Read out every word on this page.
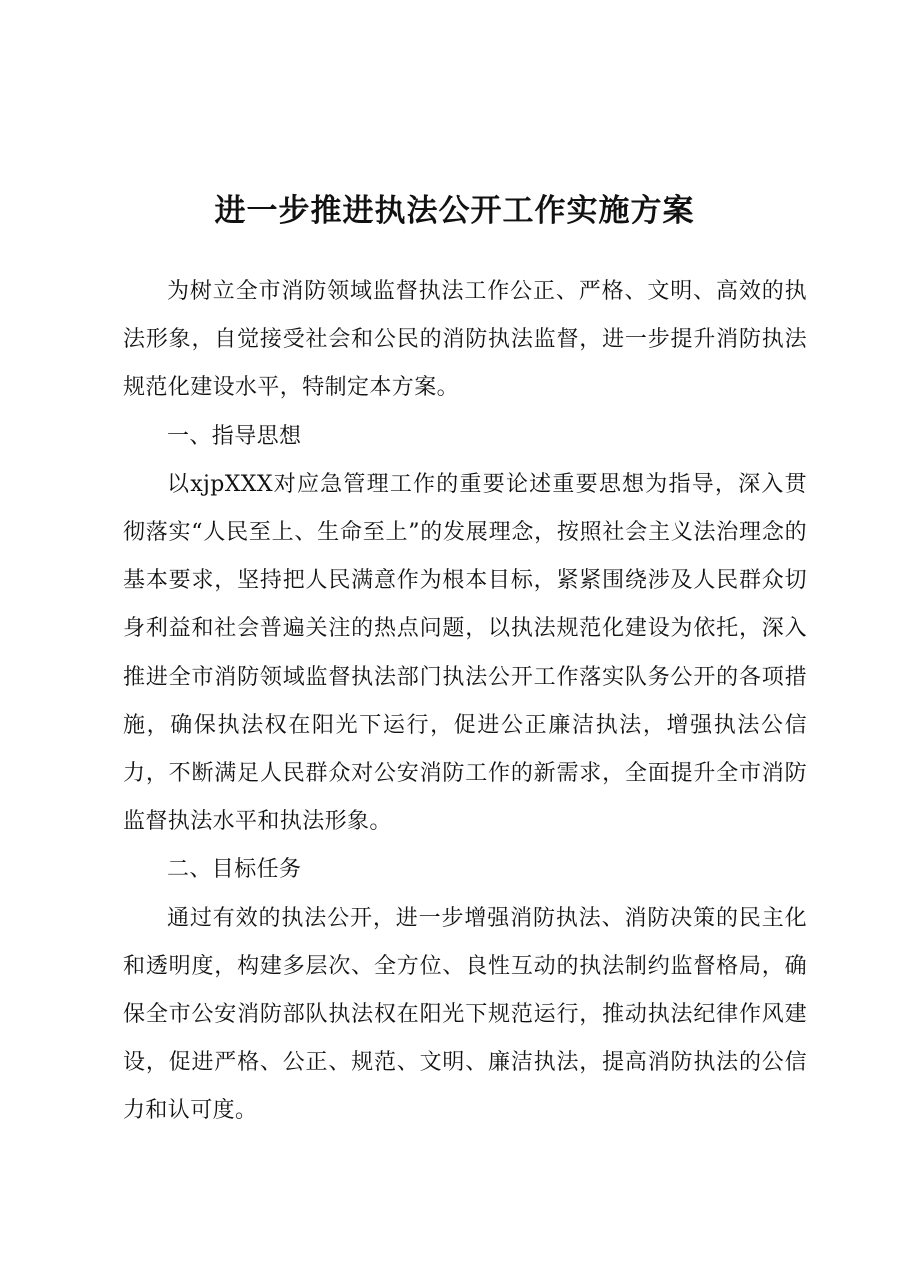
进一步推进执法公开工作实施方案

为树立全市消防领域监督执法工作公正、严格、文明、高效的执法形象，自觉接受社会和公民的消防执法监督，进一步提升消防执法规范化建设水平，特制定本方案。

一、指导思想

以xjpXXX对应急管理工作的重要论述重要思想为指导，深入贯彻落实“人民至上、生命至上”的发展理念，按照社会主义法治理念的基本要求，坚持把人民满意作为根本目标，紧紧围绕涉及人民群众切身利益和社会普遍关注的热点问题，以执法规范化建设为依托，深入推进全市消防领域监督执法部门执法公开工作落实队务公开的各项措施，确保执法权在阳光下运行，促进公正廉洁执法，增强执法公信力，不断满足人民群众对公安消防工作的新需求，全面提升全市消防监督执法水平和执法形象。

二、目标任务

通过有效的执法公开，进一步增强消防执法、消防决策的民主化和透明度，构建多层次、全方位、良性互动的执法制约监督格局，确保全市公安消防部队执法权在阳光下规范运行，推动执法纪律作风建设，促进严格、公正、规范、文明、廉洁执法，提高消防执法的公信力和认可度。
